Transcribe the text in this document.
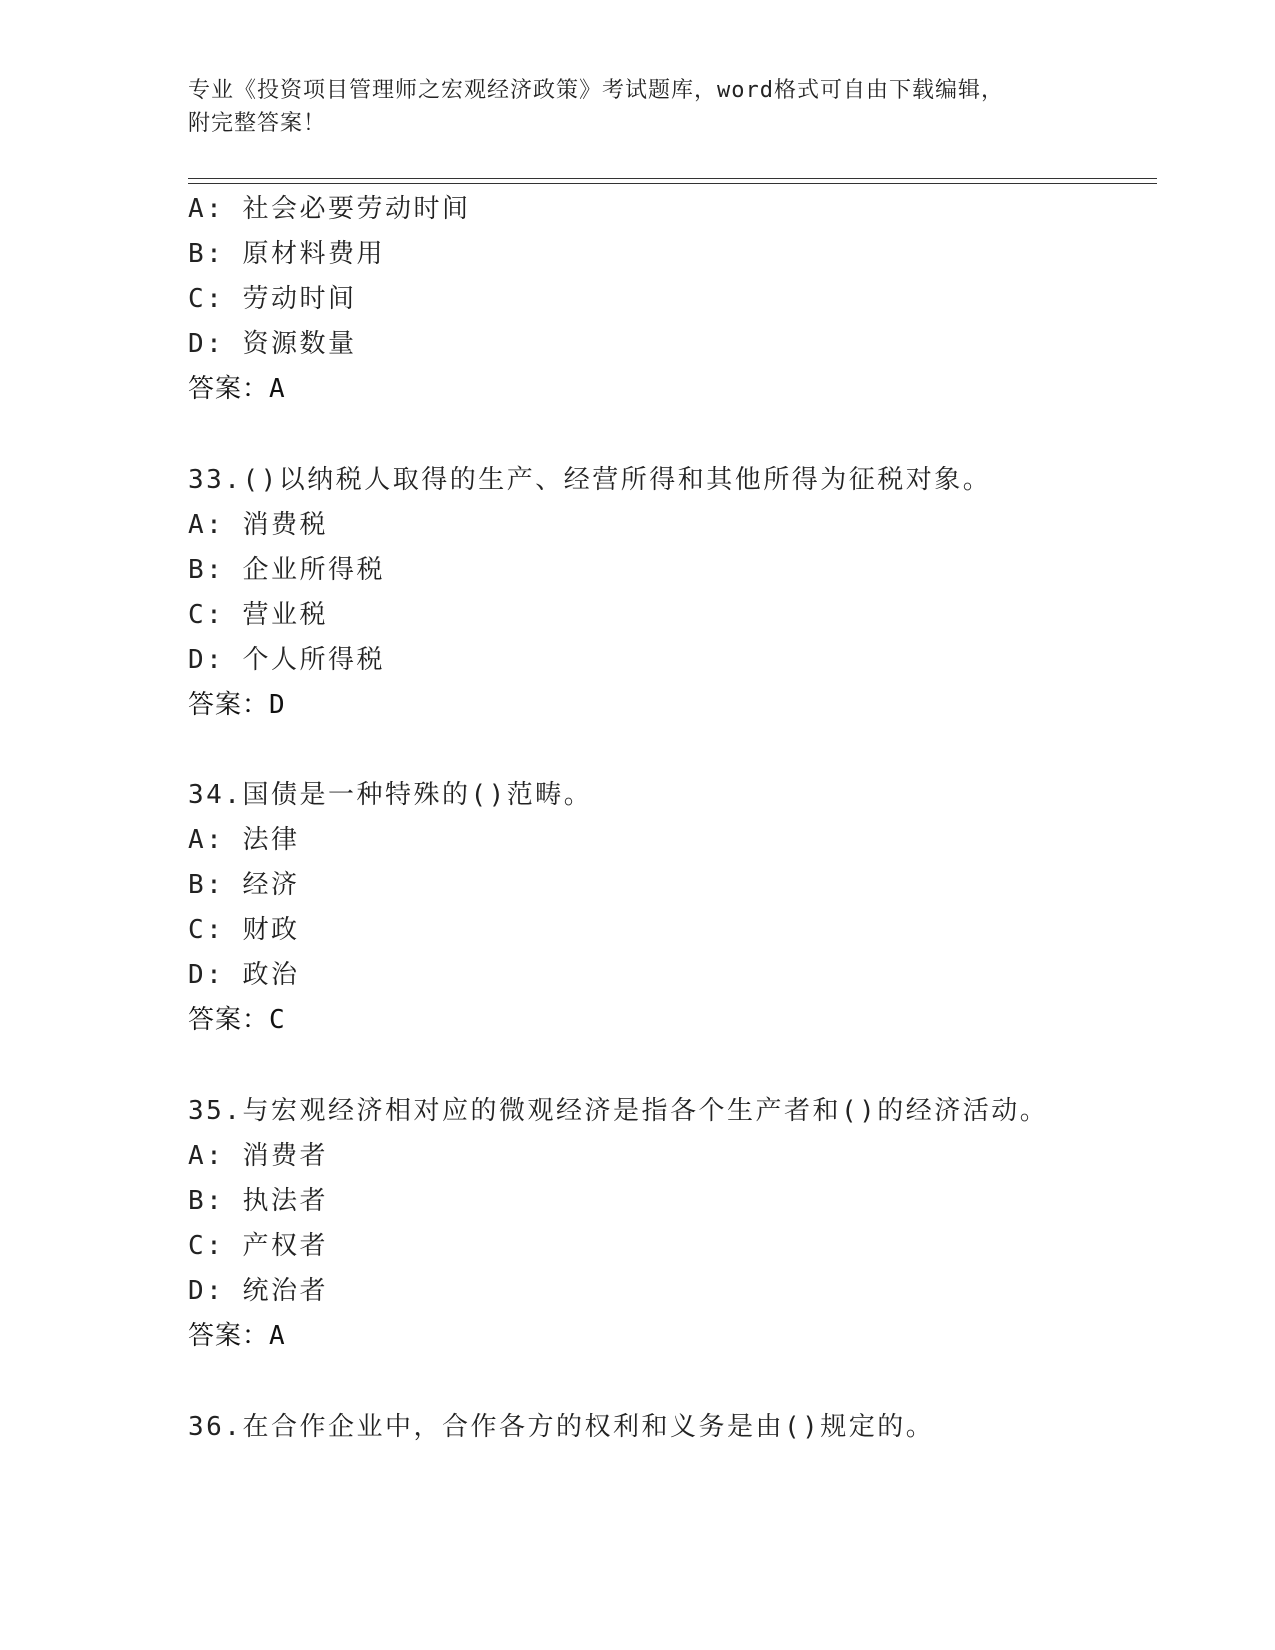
专业《投资项目管理师之宏观经济政策》考试题库，word格式可自由下载编辑，
附完整答案！
A: 社会必要劳动时间
B: 原材料费用
C: 劳动时间
D: 资源数量
答案：A
33.()以纳税人取得的生产、经营所得和其他所得为征税对象。
A: 消费税
B: 企业所得税
C: 营业税
D: 个人所得税
答案：D
34.国债是一种特殊的()范畴。
A: 法律
B: 经济
C: 财政
D: 政治
答案：C
35.与宏观经济相对应的微观经济是指各个生产者和()的经济活动。
A: 消费者
B: 执法者
C: 产权者
D: 统治者
答案：A
36.在合作企业中，合作各方的权利和义务是由()规定的。
